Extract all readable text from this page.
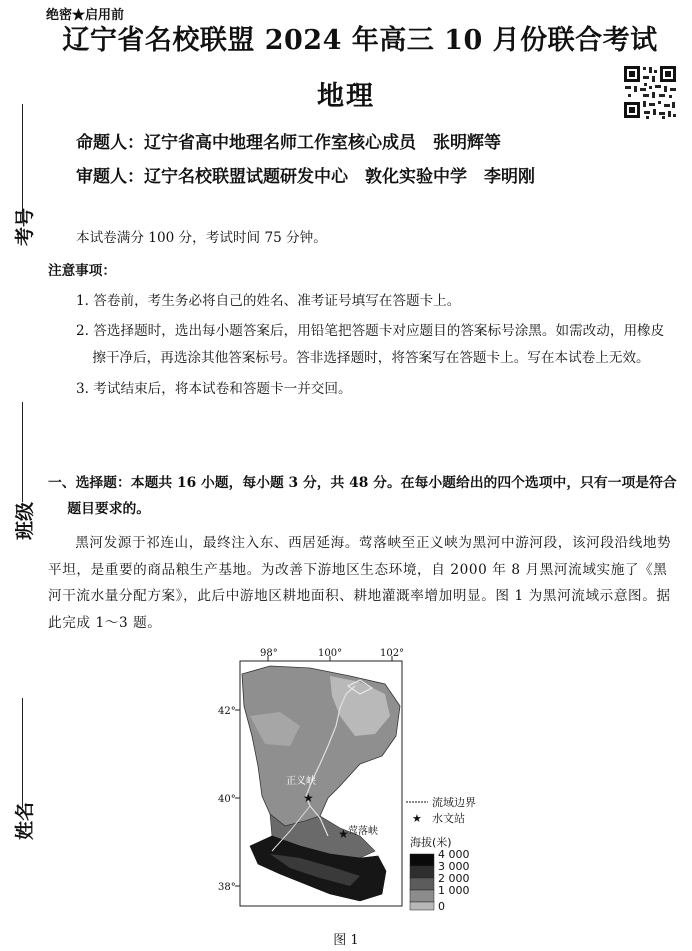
绝密★启用前
辽宁省名校联盟 2024 年高三 10 月份联合考试
地理
命题人：辽宁省高中地理名师工作室核心成员　张明辉等
审题人：辽宁名校联盟试题研发中心　敦化实验中学　李明刚
考号
班级
姓名
本试卷满分 100 分，考试时间 75 分钟。
注意事项：
1. 答卷前，考生务必将自己的姓名、准考证号填写在答题卡上。
2. 答选择题时，选出每小题答案后，用铅笔把答题卡对应题目的答案标号涂黑。如需改动，用橡皮擦干净后，再选涂其他答案标号。答非选择题时，将答案写在答题卡上。写在本试卷上无效。
3. 考试结束后，将本试卷和答题卡一并交回。
一、选择题：本题共 16 小题，每小题 3 分，共 48 分。在每小题给出的四个选项中，只有一项是符合题目要求的。
黑河发源于祁连山，最终注入东、西居延海。莺落峡至正义峡为黑河中游河段，该河段沿线地势平坦，是重要的商品粮生产基地。为改善下游地区生态环境，自 2000 年 8 月黑河流域实施了《黑河干流水量分配方案》，此后中游地区耕地面积、耕地灌溉率增加明显。图 1 为黑河流域示意图。据此完成 1～3 题。
98°	100°	102°
42°
40°
38°
★
★
正义峡
莺落峡
流域边界
★ 水文站
海拔(米)
4 000
3 000
2 000
1 000
0
图 1
